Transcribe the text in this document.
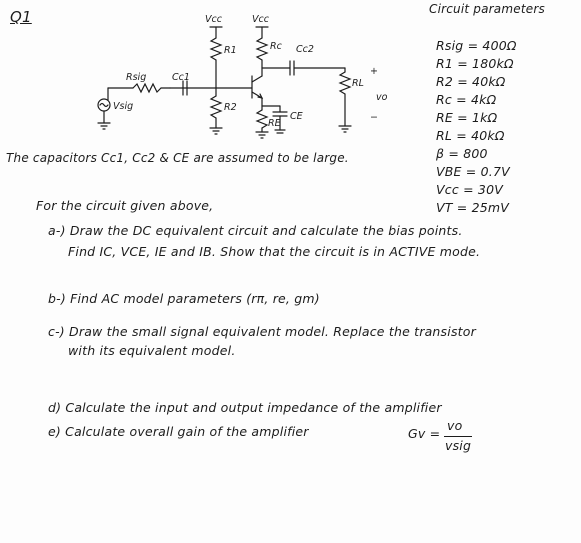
Q1	Vcc	Vcc
R1	Rc Cc2
Rsig	Cc1
+
RL
vo
−
Vsig	R2
RE
CE
Circuit parameters
Rsig = 400Ω
R1 = 180kΩ
R2 = 40kΩ
Rc = 4kΩ
RE = 1kΩ
RL = 40kΩ
β = 800
VBE = 0.7V
Vcc = 30V
VT = 25mV
The capacitors Cc1, Cc2 & CE are assumed to be large.
For the circuit given above,
a-) Draw the DC equivalent circuit and calculate the bias points.
Find IC, VCE, IE and IB. Show that the circuit is in ACTIVE mode.
b-) Find AC model parameters (rπ, re, gm)
c-) Draw the small signal equivalent model. Replace the transistor
with its equivalent model.
d) Calculate the input and output impedance of the amplifier
e) Calculate overall gain of the amplifier	Gv =
vo
vsig
